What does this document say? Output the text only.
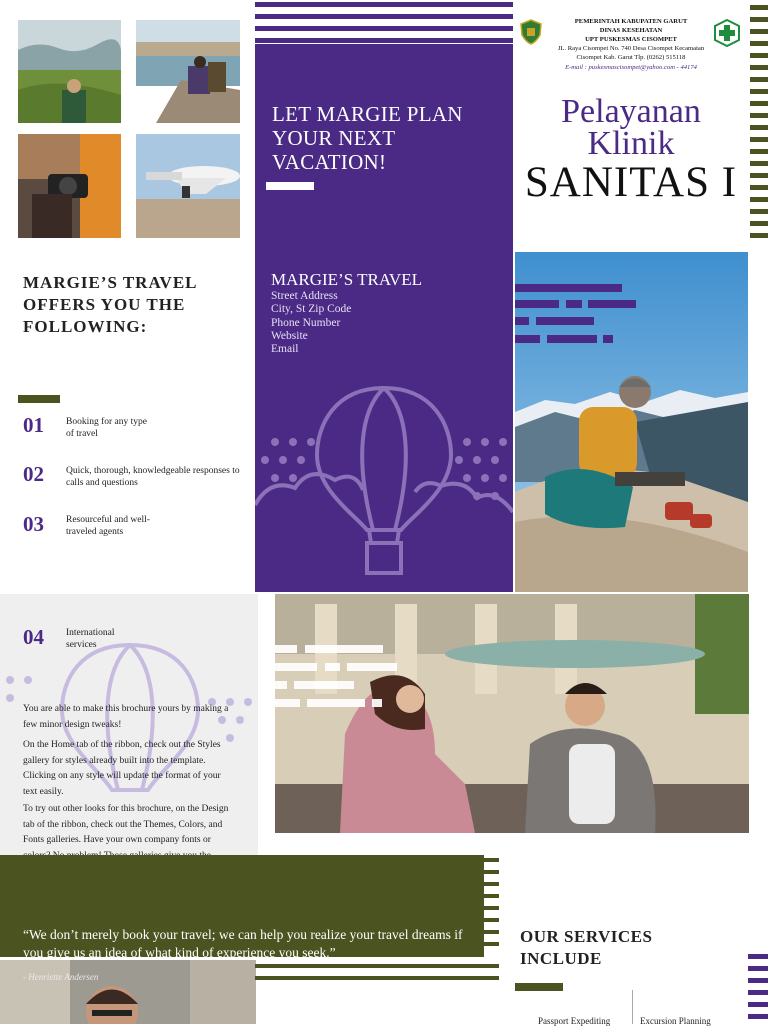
MARGIE’S TRAVEL OFFERS YOU THE FOLLOWING:
01 Booking for any type of travel
02 Quick, thorough, knowledgeable responses to calls and questions
03 Resourceful and well-traveled agents
LET MARGIE PLAN YOUR NEXT VACATION!
MARGIE’S TRAVEL
Street Address
City, St Zip Code
Phone Number
Website
Email
PEMERINTAH KABUPATEN GARUT
DINAS KESEHATAN
UPT PUSKESMAS CISOMPET
JL. Raya Cisompet No. 740 Desa Cisompet Kecamatan
Cisompet Kab. Garut Tlp. (0262) 515118
E-mail : puskesmascisompet@yahoo.com - 44174
Pelayanan Klinik
SANITAS I
04 International services
You are able to make this brochure yours by making a few minor design tweaks!
On the Home tab of the ribbon, check out the Styles gallery for styles already built into the template. Clicking on any style will update the format of your text easily.
To try out other looks for this brochure, on the Design tab of the ribbon, check out the Themes, Colors, and Fonts galleries. Have your own company fonts or
“We don’t merely book your travel; we can help you realize your travel dreams if you give us an idea of what kind of experience you seek.”
- Henriette Andersen
OUR SERVICES INCLUDE
Passport Expediting	Excursion Planning
